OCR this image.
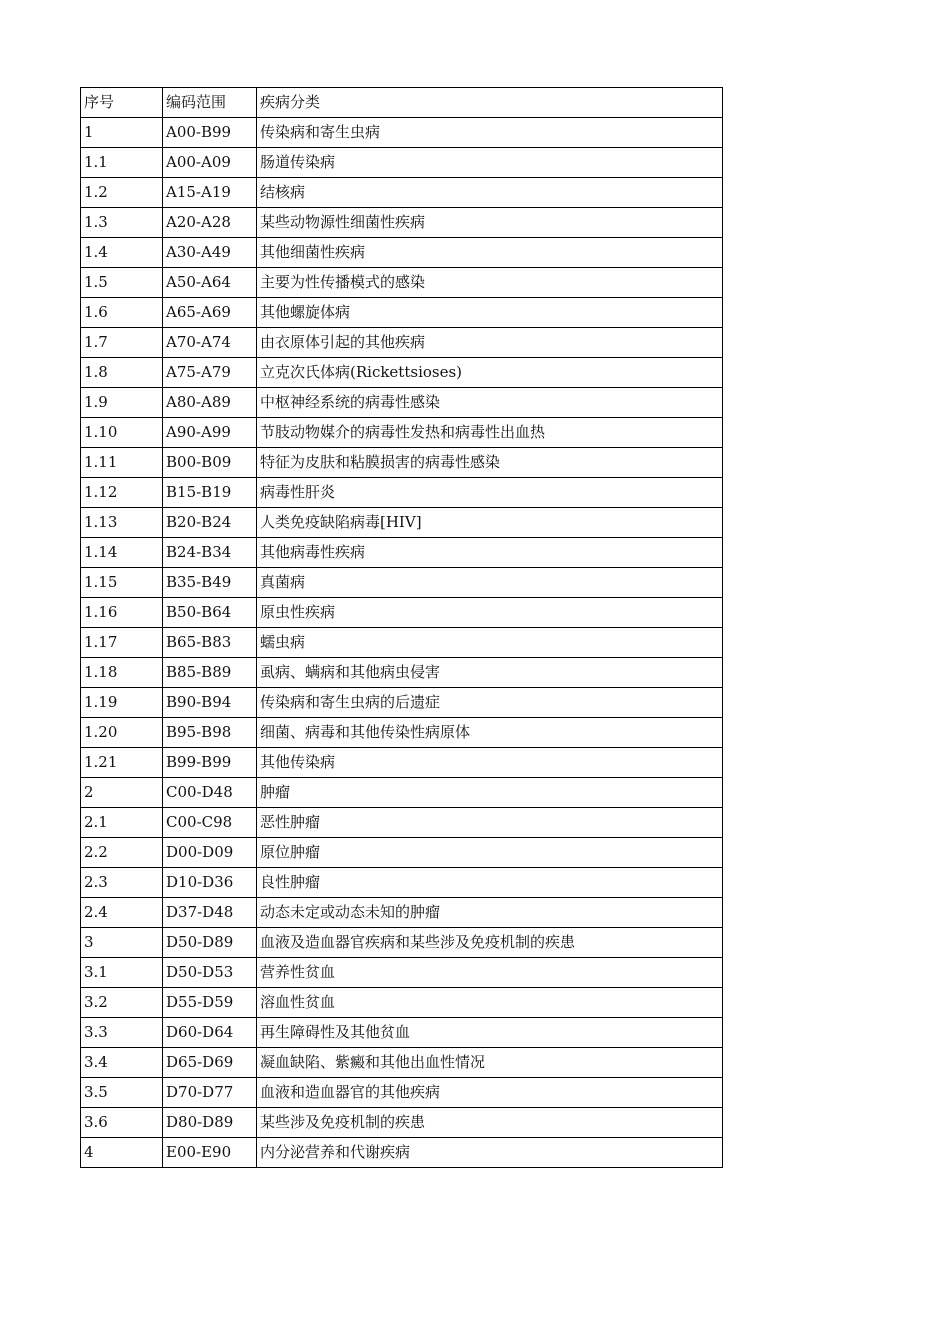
序号	编码范围	疾病分类
1	A00-B99	传染病和寄生虫病
1.1	A00-A09	肠道传染病
1.2	A15-A19	结核病
1.3	A20-A28	某些动物源性细菌性疾病
1.4	A30-A49	其他细菌性疾病
1.5	A50-A64	主要为性传播模式的感染
1.6	A65-A69	其他螺旋体病
1.7	A70-A74	由衣原体引起的其他疾病
1.8	A75-A79	立克次氏体病(Rickettsioses)
1.9	A80-A89	中枢神经系统的病毒性感染
1.10	A90-A99	节肢动物媒介的病毒性发热和病毒性出血热
1.11	B00-B09	特征为皮肤和粘膜损害的病毒性感染
1.12	B15-B19	病毒性肝炎
1.13	B20-B24	人类免疫缺陷病毒[HIV]
1.14	B24-B34	其他病毒性疾病
1.15	B35-B49	真菌病
1.16	B50-B64	原虫性疾病
1.17	B65-B83	蠕虫病
1.18	B85-B89	虱病、螨病和其他病虫侵害
1.19	B90-B94	传染病和寄生虫病的后遗症
1.20	B95-B98	细菌、病毒和其他传染性病原体
1.21	B99-B99	其他传染病
2	C00-D48	肿瘤
2.1	C00-C98	恶性肿瘤
2.2	D00-D09	原位肿瘤
2.3	D10-D36	良性肿瘤
2.4	D37-D48	动态未定或动态未知的肿瘤
3	D50-D89	血液及造血器官疾病和某些涉及免疫机制的疾患
3.1	D50-D53	营养性贫血
3.2	D55-D59	溶血性贫血
3.3	D60-D64	再生障碍性及其他贫血
3.4	D65-D69	凝血缺陷、紫癜和其他出血性情况
3.5	D70-D77	血液和造血器官的其他疾病
3.6	D80-D89	某些涉及免疫机制的疾患
4	E00-E90	内分泌营养和代谢疾病
